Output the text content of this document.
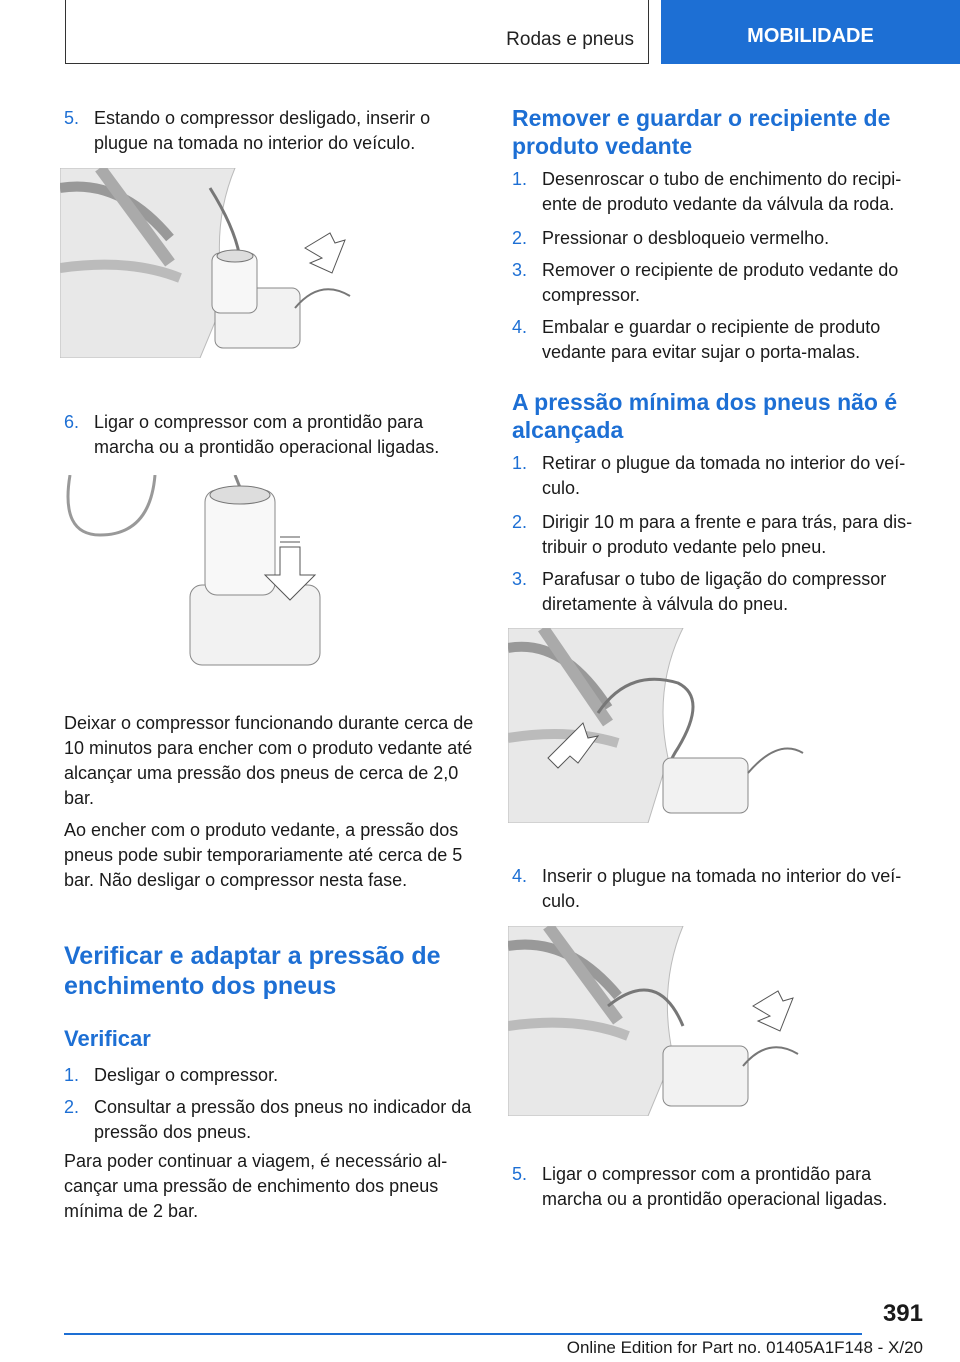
Rodas e pneus	MOBILIDADE
5. Estando o compressor desligado, inserir o plugue na tomada no interior do veículo.
6. Ligar o compressor com a prontidão para marcha ou a prontidão operacional ligadas.
Deixar o compressor funcionando durante cerca de 10 minutos para encher com o produto vedante até alcançar uma pressão dos pneus de cerca de 2,0 bar.
Ao encher com o produto vedante, a pressão dos pneus pode subir temporariamente até cerca de 5 bar. Não desligar o compressor nesta fase.
Verificar e adaptar a pressão de enchimento dos pneus
Verificar
1. Desligar o compressor.
2. Consultar a pressão dos pneus no indicador da pressão dos pneus.
Para poder continuar a viagem, é necessário alcançar uma pressão de enchimento dos pneus mínima de 2 bar.
Remover e guardar o recipiente de produto vedante
1. Desenroscar o tubo de enchimento do recipiente de produto vedante da válvula da roda.
2. Pressionar o desbloqueio vermelho.
3. Remover o recipiente de produto vedante do compressor.
4. Embalar e guardar o recipiente de produto vedante para evitar sujar o porta-malas.
A pressão mínima dos pneus não é alcançada
1. Retirar o plugue da tomada no interior do veículo.
2. Dirigir 10 m para a frente e para trás, para distribuir o produto vedante pelo pneu.
3. Parafusar o tubo de ligação do compressor diretamente à válvula do pneu.
4. Inserir o plugue na tomada no interior do veículo.
5. Ligar o compressor com a prontidão para marcha ou a prontidão operacional ligadas.
391
Online Edition for Part no. 01405A1F148 - X/20
